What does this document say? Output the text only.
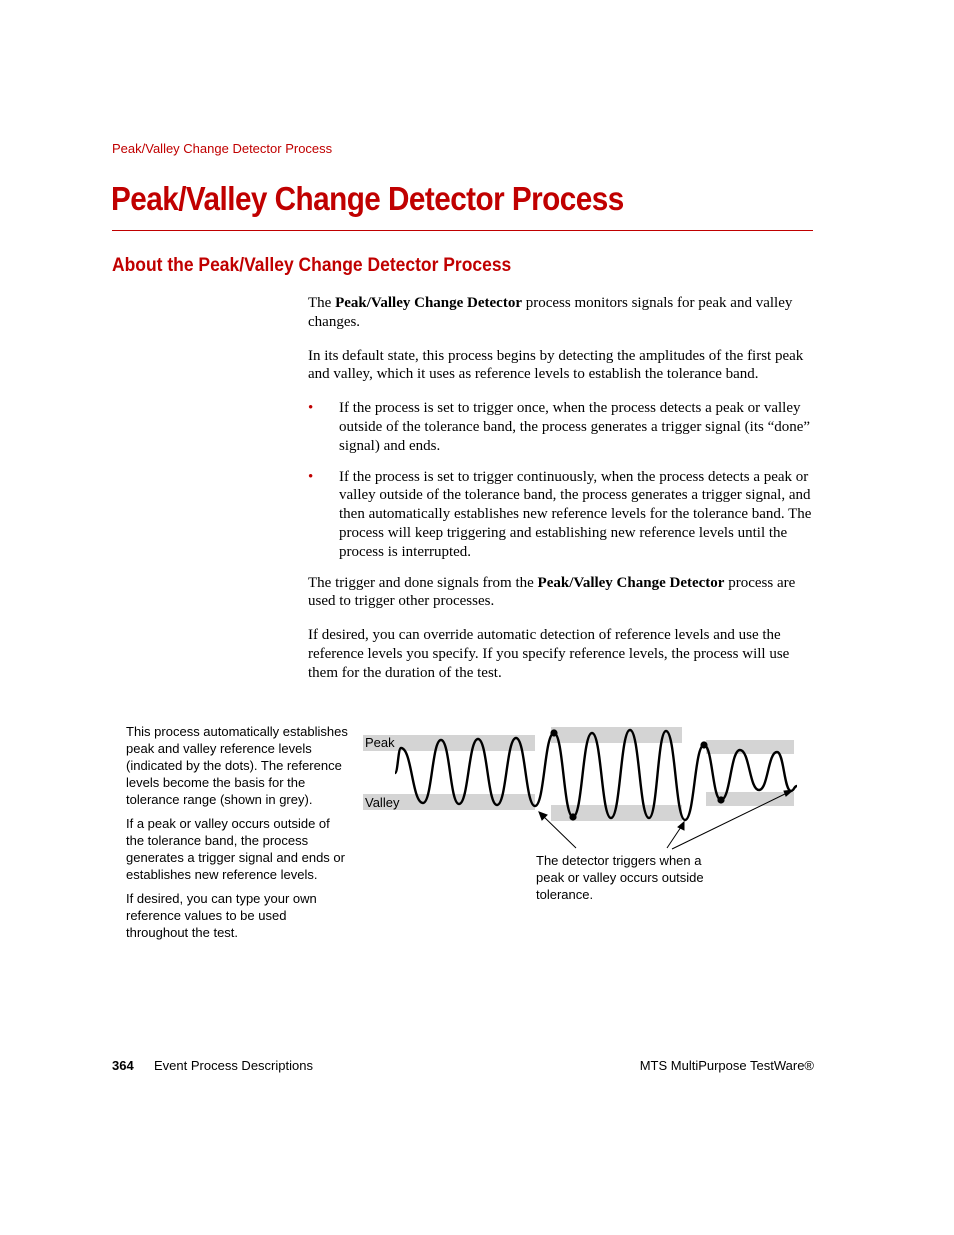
Peak/Valley Change Detector Process
Peak/Valley Change Detector Process
About the Peak/Valley Change Detector Process

The Peak/Valley Change Detector process monitors signals for peak and valley changes.

In its default state, this process begins by detecting the amplitudes of the first peak and valley, which it uses as reference levels to establish the tolerance band.

• If the process is set to trigger once, when the process detects a peak or valley outside of the tolerance band, the process generates a trigger signal (its “done” signal) and ends.
• If the process is set to trigger continuously, when the process detects a peak or valley outside of the tolerance band, the process generates a trigger signal, and then automatically establishes new reference levels for the tolerance band. The process will keep triggering and establishing new reference levels until the process is interrupted.

The trigger and done signals from the Peak/Valley Change Detector process are used to trigger other processes.

If desired, you can override automatic detection of reference levels and use the reference levels you specify. If you specify reference levels, the process will use them for the duration of the test.

This process automatically establishes peak and valley reference levels (indicated by the dots). The reference levels become the basis for the tolerance range (shown in grey).

If a peak or valley occurs outside of the tolerance band, the process generates a trigger signal and ends or establishes new reference levels.

If desired, you can type your own reference values to be used throughout the test.

Peak
Valley
The detector triggers when a peak or valley occurs outside tolerance.
364 Event Process Descriptions	MTS MultiPurpose TestWare®
